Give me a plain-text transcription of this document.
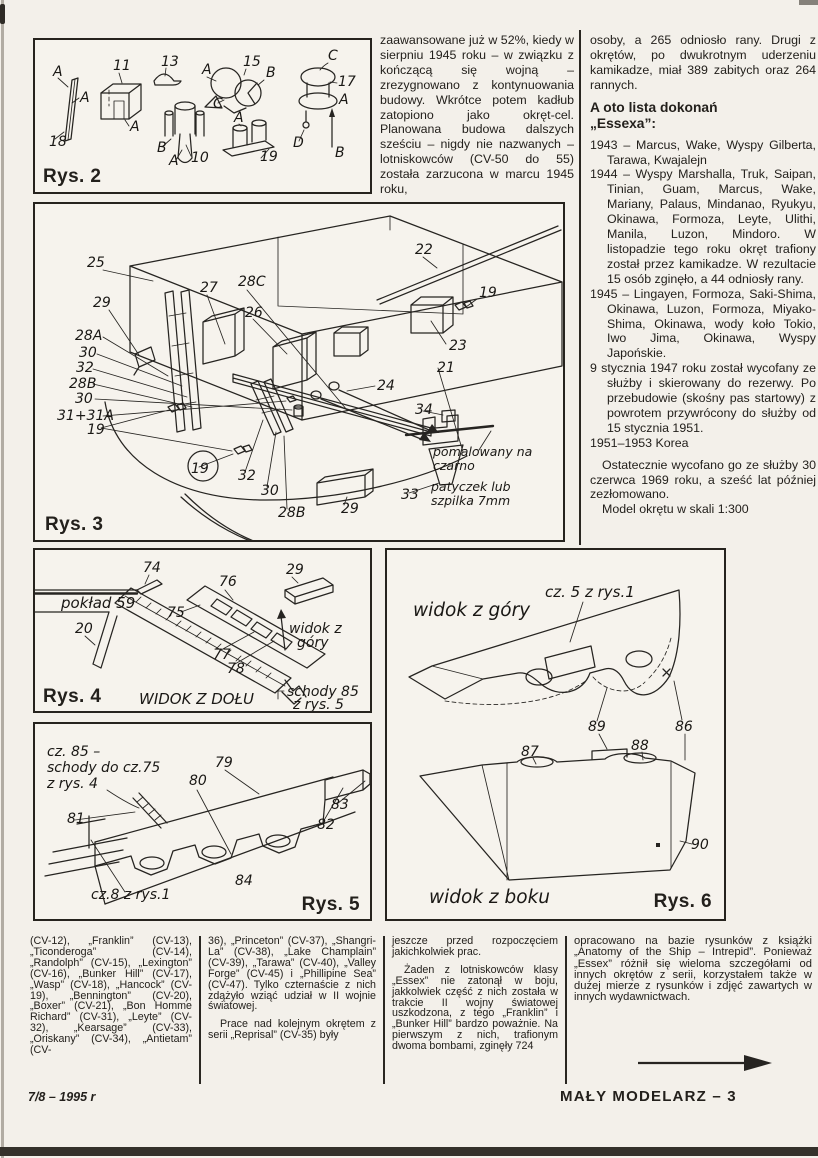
zaawansowane już w 52%, kiedy w sierpniu 1945 roku – w związku z kończącą się wojną – zrezygnowano z kontynuowania budowy. Wkrótce potem kadłub zatopiono jako okręt-cel. Planowana budowa dalszych sześciu – nigdy nie nazwanych – lotniskowców (CV-50 do 55) została zarzucona w marcu 1945 roku,
osoby, a 265 odniosło rany. Drugi z okrętów, po dwukrotnym uderzeniu kamikadze, miał 389 zabitych oraz 264 rannych.
A oto lista dokonań „Essexa”:
1943 – Marcus, Wake, Wyspy Gilberta, Tarawa, Kwajalejn
1944 – Wyspy Marshalla, Truk, Saipan, Tinian, Guam, Marcus, Wake, Mariany, Palaus, Mindanao, Ryukyu, Okinawa, Formoza, Leyte, Ulithi, Manila, Luzon, Mindoro. W listopadzie tego roku okręt trafiony został przez kamikadze. W rezultacie 15 osób zginęło, a 44 odniosły rany.
1945 – Lingayen, Formoza, Saki-Shima, Okinawa, Luzon, Formoza, Miyako-Shima, Okinawa, wody koło Tokio, Iwo Jima, Okinawa, Wyspy Japońskie.
9 stycznia 1947 roku został wycofany ze służby i skierowany do rezerwy. Po przebudowie (skośny pas startowy) z powrotem przywrócony do służby od 15 stycznia 1951.
1951–1953 Korea
Ostatecznie wycofano go ze służby 30 czerwca 1969 roku, a sześć lat później zezłomowano.
Model okrętu w skali 1:300
A
A
18
11
A
13
B
A 10
A 15
B
C
A
19
C
17
A
D
B
Rys. 2
25
29
28A
30
32
28B
30
31+31A
19
19
27 28C
26
22
19
23
21
24
32
30
28B	29
34
33
pomalowany na
czarno
patyczek lub
szpilka 7mm
Rys. 3
74
pokład 59
76
75
20
77
78
29
widok z
góry
WIDOK Z DOŁU schody 85
z rys. 5
Rys. 4
cz. 85 –
schody do cz.75
z rys. 4
81
80
79
83
82
84
cz.8 z rys.1	Rys. 5
widok z góry
cz. 5 z rys.1
89	86
87	88
90
widok z boku	Rys. 6
(CV-12), „Franklin” (CV-13), „Ticonderoga” (CV-14), „Randolph” (CV-15), „Lexington” (CV-16), „Bunker Hill” (CV-17), „Wasp” (CV-18), „Hancock” (CV-19), „Bennington” (CV-20), „Boxer” (CV-21), „Bon Homme Richard” (CV-31), „Leyte” (CV-32), „Kearsage” (CV-33), „Oriskany” (CV-34), „Antietam” (CV-
36), „Princeton” (CV-37), „Shangri-La” (CV-38), „Lake Champlain” (CV-39), „Tarawa” (CV-40), „Valley Forge” (CV-45) i „Phillipine Sea” (CV-47). Tylko czternaście z nich zdążyło wziąć udział w II wojnie światowej.
Prace nad kolejnym okrętem z serii „Reprisal” (CV-35) były
jeszcze przed rozpoczęciem jakichkolwiek prac.
Żaden z lotniskowców klasy „Essex” nie zatonął w boju, jakkolwiek część z nich została w trakcie II wojny światowej uszkodzona, z tego „Franklin” i „Bunker Hill” bardzo poważnie. Na pierwszym z nich, trafionym dwoma bombami, zginęły 724
opracowano na bazie rysunków z książki „Anatomy of the Ship – Intrepid”. Ponieważ „Essex” różnił się wieloma szczegółami od innych okrętów z serii, korzystałem także w dużej mierze z rysunków i zdjęć zawartych w innych wydawnictwach.
7/8 – 1995 r	MAŁY MODELARZ – 3
